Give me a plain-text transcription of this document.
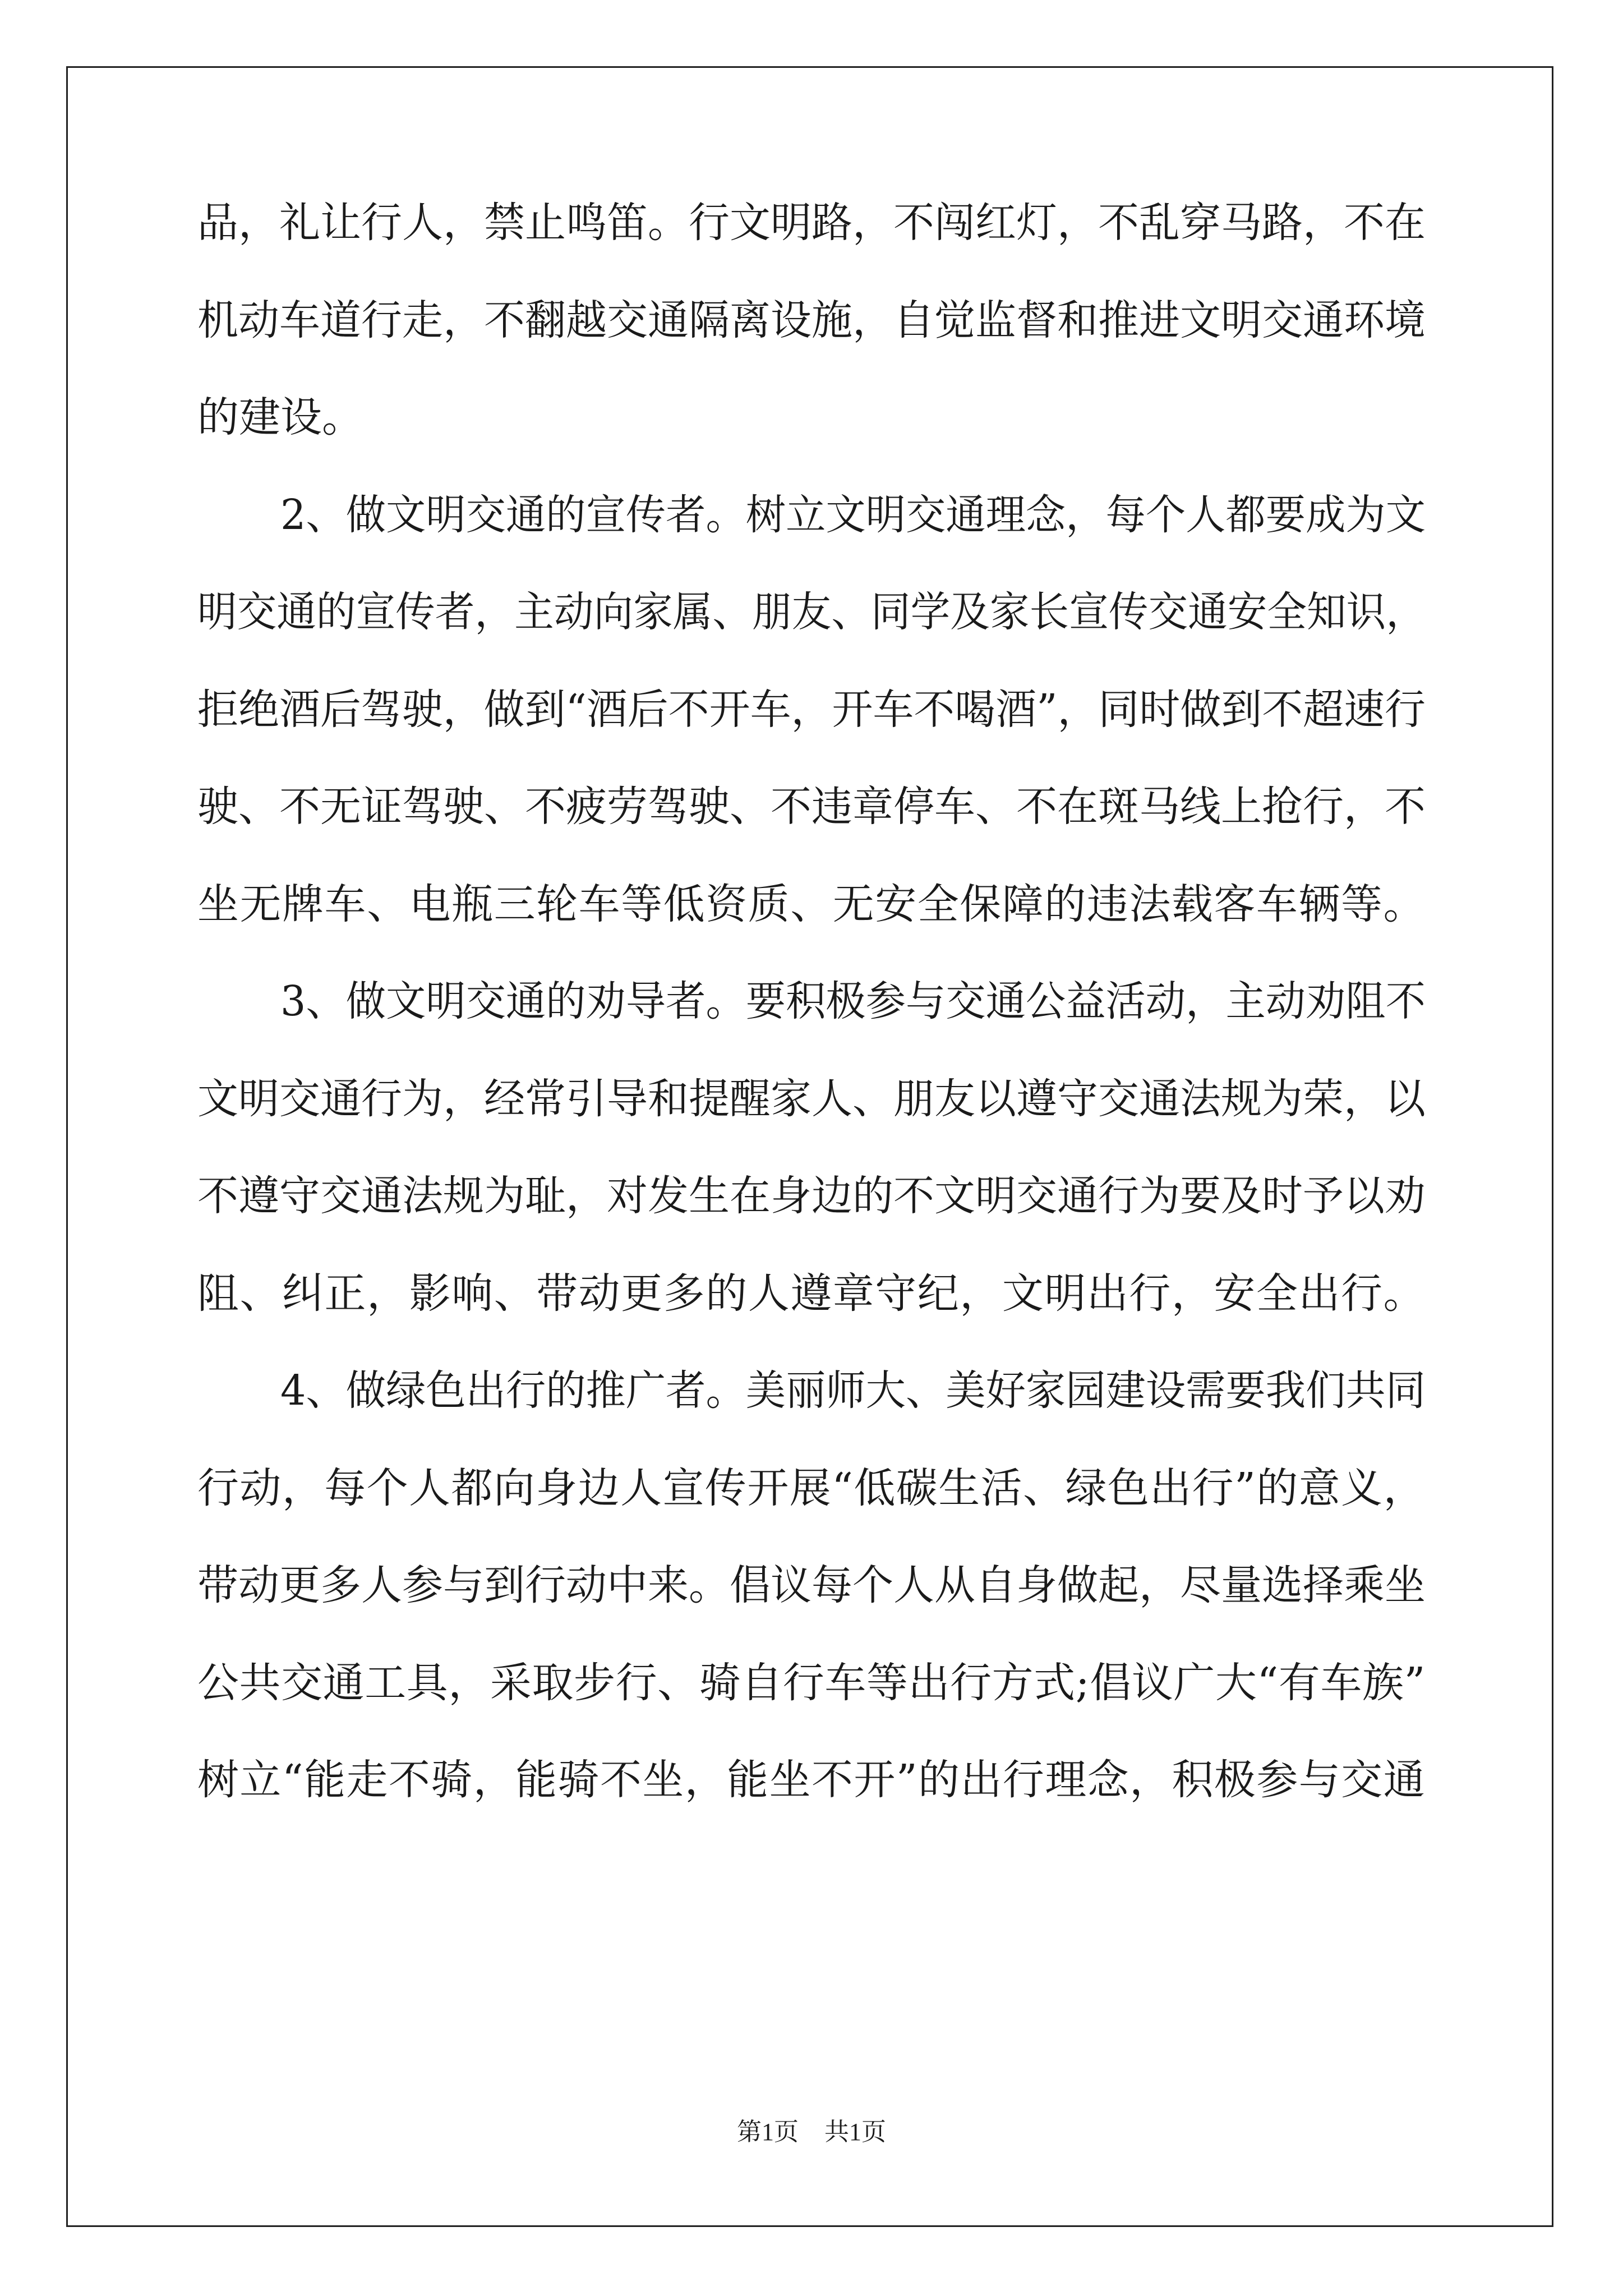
品，礼让行人，禁止鸣笛。行文明路，不闯红灯，不乱穿马路，不在
机动车道行走，不翻越交通隔离设施，自觉监督和推进文明交通环境
的建设。
2、做文明交通的宣传者。树立文明交通理念，每个人都要成为文
明交通的宣传者，主动向家属、朋友、同学及家长宣传交通安全知识，
拒绝酒后驾驶，做到“酒后不开车，开车不喝酒”，同时做到不超速行
驶、不无证驾驶、不疲劳驾驶、不违章停车、不在斑马线上抢行，不
坐无牌车、电瓶三轮车等低资质、无安全保障的违法载客车辆等。
3、做文明交通的劝导者。要积极参与交通公益活动，主动劝阻不
文明交通行为，经常引导和提醒家人、朋友以遵守交通法规为荣，以
不遵守交通法规为耻，对发生在身边的不文明交通行为要及时予以劝
阻、纠正，影响、带动更多的人遵章守纪，文明出行，安全出行。
4、做绿色出行的推广者。美丽师大、美好家园建设需要我们共同
行动，每个人都向身边人宣传开展“低碳生活、绿色出行”的意义，
带动更多人参与到行动中来。倡议每个人从自身做起，尽量选择乘坐
公共交通工具，采取步行、骑自行车等出行方式;倡议广大“有车族”
树立“能走不骑，能骑不坐，能坐不开”的出行理念，积极参与交通
第1页 共1页
